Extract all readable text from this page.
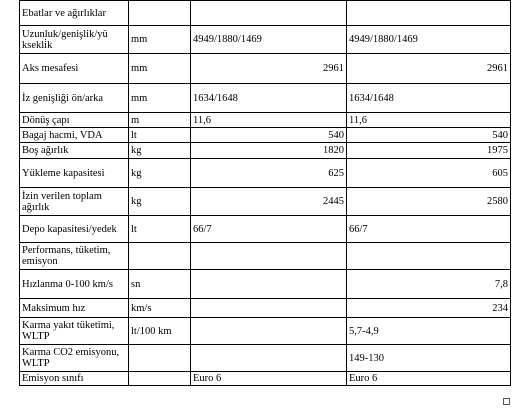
Ebatlar ve ağırlıklar			
Uzunluk/genişlik/yü ksekli̇k	mm	4949/1880/1469	4949/1880/1469
Aks mesafesi	mm	2961	2961
İz genişliği ön/arka	mm	1634/1648	1634/1648
Dönüş çapı	m	11,6	11,6
Bagaj hacmi, VDA	lt	540	540
Boş ağırlık	kg	1820	1975
Yükleme kapasitesi	kg	625	605
İzin verilen toplam ağırlık	kg	2445	2580
Depo kapasitesi/yedek	lt	66/7	66/7
Performans, tüketim, emisyon			
Hızlanma 0-100 km/s	sn		7,8
Maksimum hız	km/s		234
Karma yakıt tüketimi, WLTP	lt/100 km		5,7-4,9
Karma CO2 emisyonu, WLTP			149-130
Emisyon sınıfı		Euro 6	Euro 6
